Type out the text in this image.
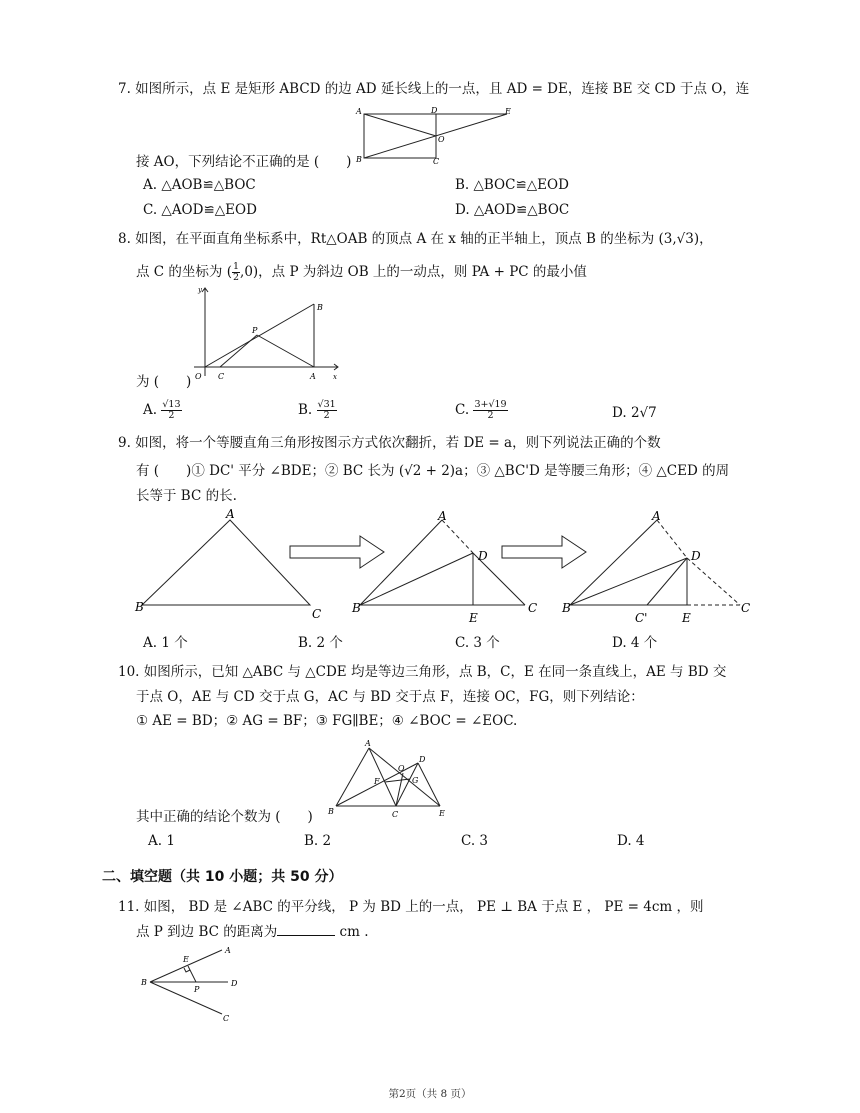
7. 如图所示，点 E 是矩形 ABCD 的边 AD 延长线上的一点，且 AD = DE，连接 BE 交 CD 于点 O，连
A	D	E
B	C
O
接 AO，下列结论不正确的是 (　　)
A. △AOB≌△BOC	B. △BOC≌△EOD
C. △AOD≌△EOD	D. △AOD≌△BOC
8. 如图，在平面直角坐标系中，Rt△OAB 的顶点 A 在 x 轴的正半轴上，顶点 B 的坐标为 (3,√3)，
点 C 的坐标为 ( $\frac{1}{2} ,0$)，点 P 为斜边 OB 上的一动点，则 PA + PC 的最小值
y
x
O C	A
B
P
为 (　　)
A. $\frac{√13}{2}$	B. $\frac{√31}{2}$	C. $\frac{3+√19}{2}$	D. 2√7
9. 如图，将一个等腰直角三角形按图示方式依次翻折，若 DE = a，则下列说法正确的个数
有 (　　)① DC' 平分 ∠BDE；② BC 长为 (√2 + 2)a；③ △BC'D 是等腰三角形；④ △CED 的周
长等于 BC 的长.
A
B	C
A
B	C
D
E
A
B	C
D
E
C'
A. 1 个	B. 2 个	C. 3 个	D. 4 个
10. 如图所示，已知 △ABC 与 △CDE 均是等边三角形，点 B，C，E 在同一条直线上，AE 与 BD 交
于点 O，AE 与 CD 交于点 G，AC 与 BD 交于点 F，连接 OC，FG，则下列结论：
① AE = BD；② AG = BF；③ FG∥BE；④ ∠BOC = ∠EOC.
A
B	C
D
E
F	G
O
其中正确的结论个数为 (　　)
A. 1	B. 2	C. 3	D. 4
二、填空题（共 10 小题；共 50 分）
11. 如图， BD 是 ∠ABC 的平分线， P 为 BD 上的一点， PE ⊥ BA 于点 E ， PE = 4cm ，则
点 P 到边 BC 的距离为	cm .
A
B	D
C
E
P
第2页（共 8 页）
